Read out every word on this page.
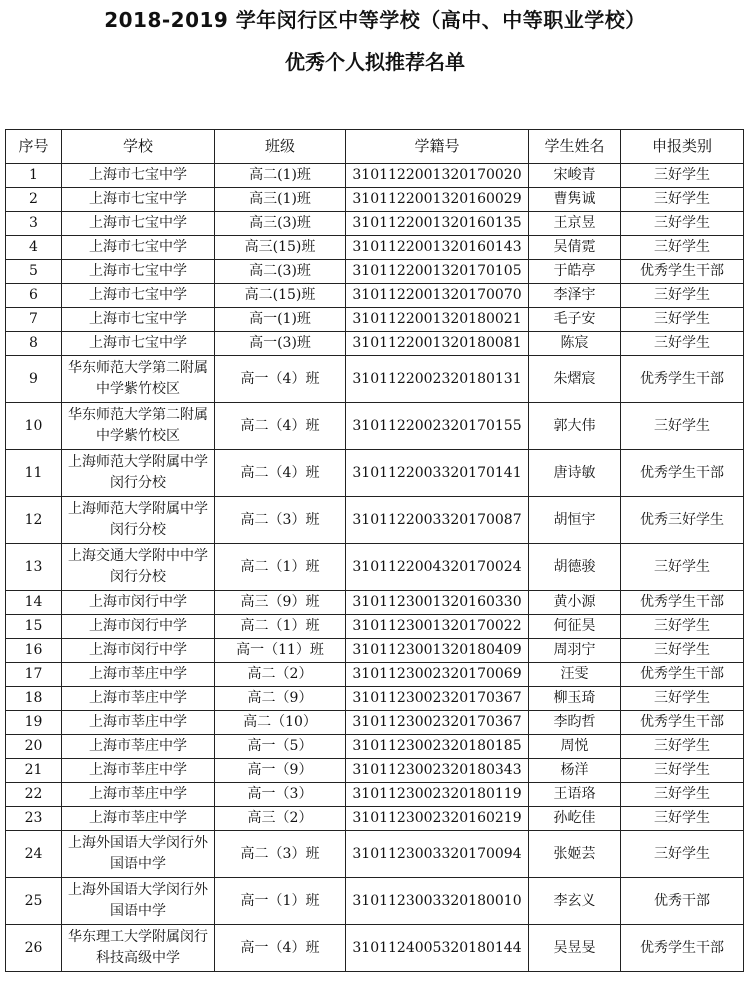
2018-2019 学年闵行区中等学校（高中、中等职业学校）
优秀个人拟推荐名单
序号	学校	班级	学籍号	学生姓名	申报类别
1	上海市七宝中学	高二(1)班	3101122001320170020	宋峻青	三好学生
2	上海市七宝中学	高三(1)班	3101122001320160029	曹隽诚	三好学生
3	上海市七宝中学	高三(3)班	3101122001320160135	王京昱	三好学生
4	上海市七宝中学	高三(15)班	3101122001320160143	吴倩霓	三好学生
5	上海市七宝中学	高二(3)班	3101122001320170105	于皓亭	优秀学生干部
6	上海市七宝中学	高二(15)班	3101122001320170070	李泽宇	三好学生
7	上海市七宝中学	高一(1)班	3101122001320180021	毛子安	三好学生
8	上海市七宝中学	高一(3)班	3101122001320180081	陈宸	三好学生
9	华东师范大学第二附属中学紫竹校区	高一（4）班	3101122002320180131	朱熠宸	优秀学生干部
10	华东师范大学第二附属中学紫竹校区	高二（4）班	3101122002320170155	郭大伟	三好学生
11	上海师范大学附属中学闵行分校	高二（4）班	3101122003320170141	唐诗敏	优秀学生干部
12	上海师范大学附属中学闵行分校	高二（3）班	3101122003320170087	胡恒宇	优秀三好学生
13	上海交通大学附中中学闵行分校	高二（1）班	3101122004320170024	胡德骏	三好学生
14	上海市闵行中学	高三（9）班	3101123001320160330	黄小源	优秀学生干部
15	上海市闵行中学	高二（1）班	3101123001320170022	何征昊	三好学生
16	上海市闵行中学	高一（11）班	3101123001320180409	周羽宁	三好学生
17	上海市莘庄中学	高二（2）	3101123002320170069	汪雯	优秀学生干部
18	上海市莘庄中学	高二（9）	3101123002320170367	柳玉琦	三好学生
19	上海市莘庄中学	高二（10）	3101123002320170367	李昀哲	优秀学生干部
20	上海市莘庄中学	高一（5）	3101123002320180185	周悦	三好学生
21	上海市莘庄中学	高一（9）	3101123002320180343	杨洋	三好学生
22	上海市莘庄中学	高一（3）	3101123002320180119	王语珞	三好学生
23	上海市莘庄中学	高三（2）	3101123002320160219	孙屹佳	三好学生
24	上海外国语大学闵行外国语中学	高二（3）班	3101123003320170094	张姬芸	三好学生
25	上海外国语大学闵行外国语中学	高一（1）班	3101123003320180010	李玄义	优秀干部
26	华东理工大学附属闵行科技高级中学	高一（4）班	3101124005320180144	吴昱旻	优秀学生干部
